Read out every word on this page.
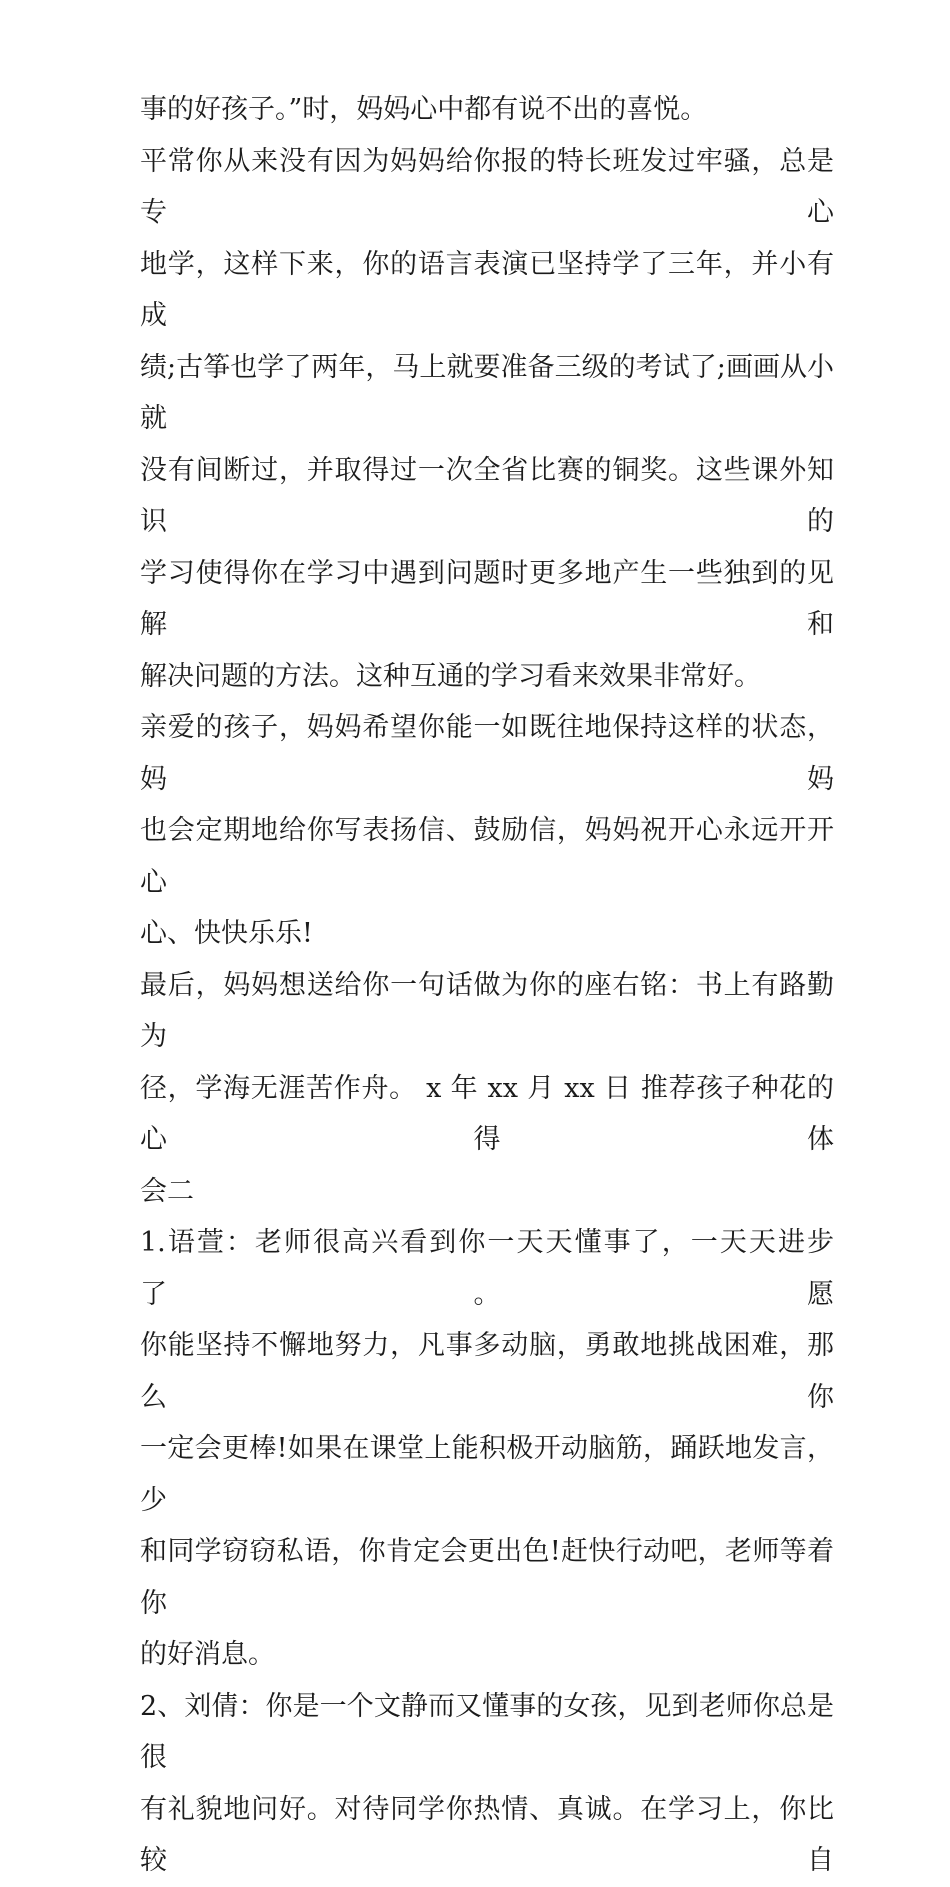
事的好孩子。”时，妈妈心中都有说不出的喜悦。
平常你从来没有因为妈妈给你报的特长班发过牢骚，总是专心
地学，这样下来，你的语言表演已坚持学了三年，并小有成
绩;古筝也学了两年，马上就要准备三级的考试了;画画从小就
没有间断过，并取得过一次全省比赛的铜奖。这些课外知识的
学习使得你在学习中遇到问题时更多地产生一些独到的见解和
解决问题的方法。这种互通的学习看来效果非常好。
亲爱的孩子，妈妈希望你能一如既往地保持这样的状态，妈妈
也会定期地给你写表扬信、鼓励信，妈妈祝开心永远开开心
心、快快乐乐!
最后，妈妈想送给你一句话做为你的座右铭：书上有路勤为
径，学海无涯苦作舟。 x 年 xx 月 xx 日 推荐孩子种花的心得体
会二
1.语萱：老师很高兴看到你一天天懂事了，一天天进步了。愿
你能坚持不懈地努力，凡事多动脑，勇敢地挑战困难，那么你
一定会更棒!如果在课堂上能积极开动脑筋，踊跃地发言，少
和同学窃窃私语，你肯定会更出色!赶快行动吧，老师等着你
的好消息。
2、刘倩：你是一个文静而又懂事的女孩，见到老师你总是很
有礼貌地问好。对待同学你热情、真诚。在学习上，你比较自
